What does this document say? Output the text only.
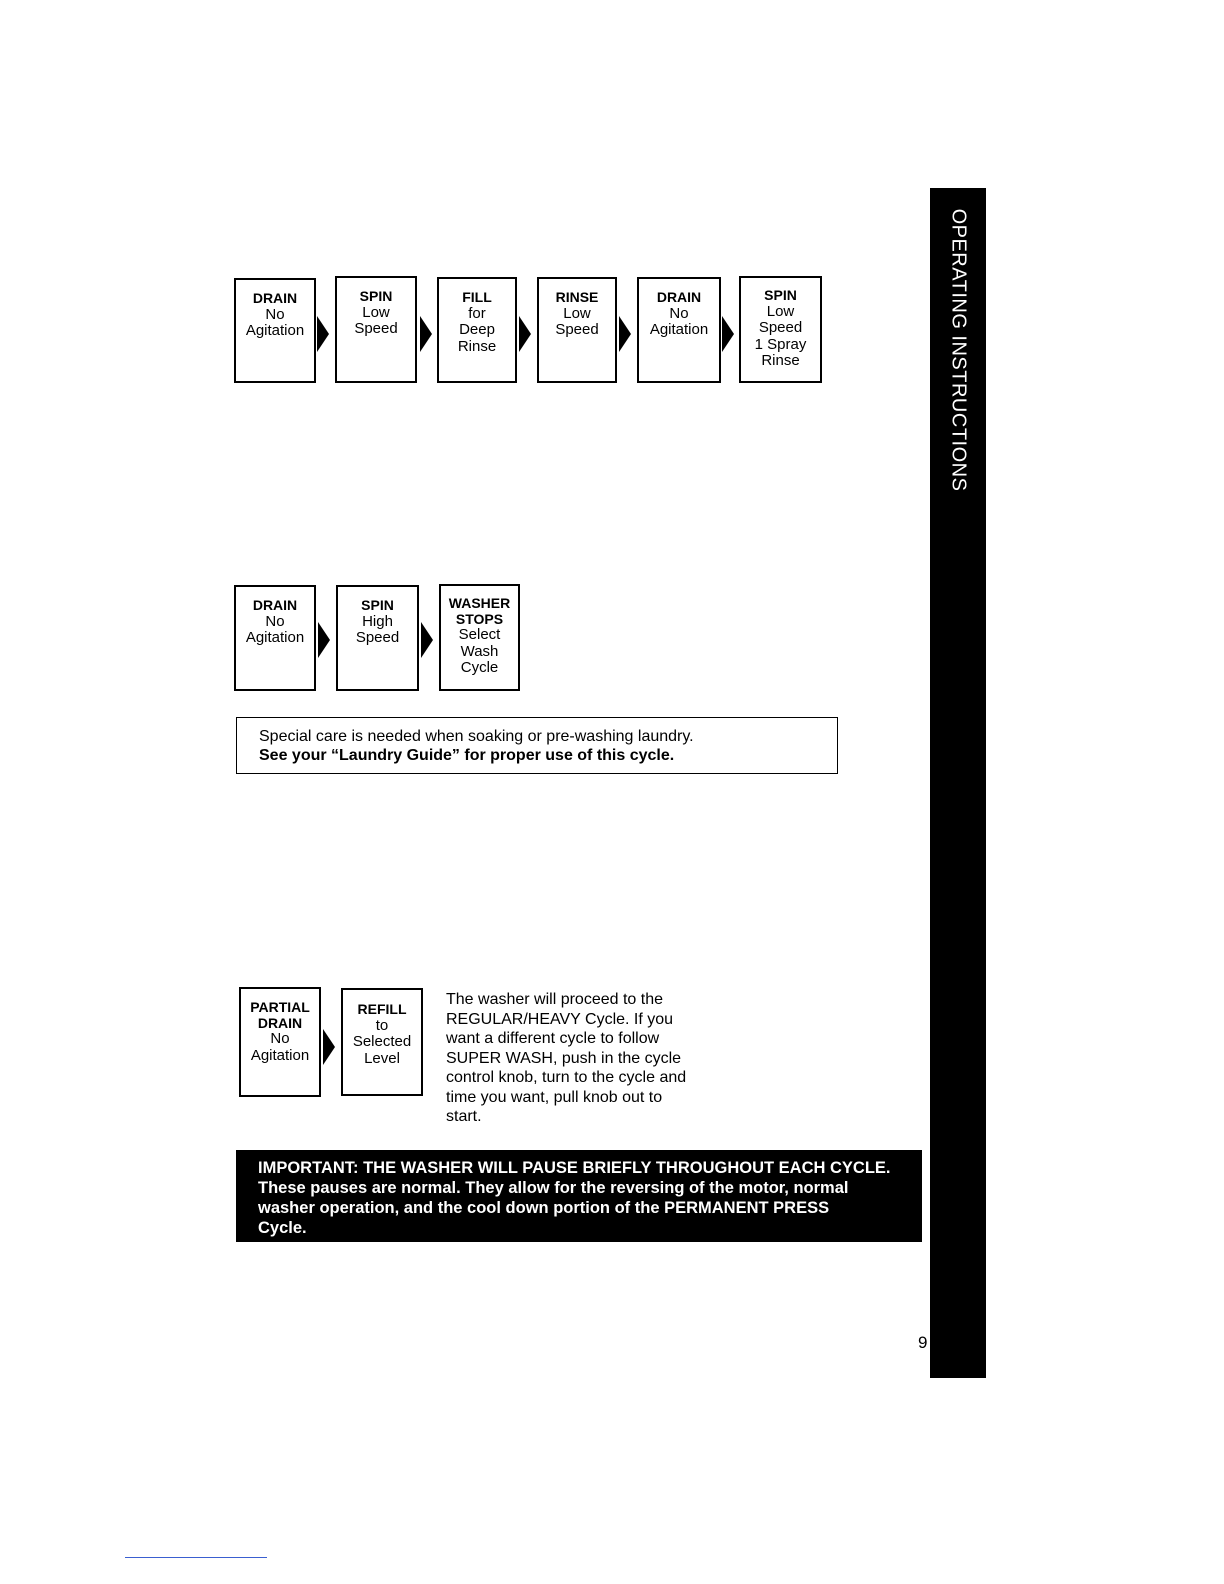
OPERATING INSTRUCTIONS
DRAIN
No
Agitation
SPIN
Low
Speed
FILL
for
Deep
Rinse
RINSE
Low
Speed
DRAIN
No
Agitation
SPIN
Low
Speed
1 Spray
Rinse
DRAIN
No
Agitation
SPIN
High
Speed
WASHER STOPS
Select
Wash
Cycle
Special care is needed when soaking or pre-washing laundry.
See your “Laundry Guide” for proper use of this cycle.
PARTIAL DRAIN
No
Agitation
REFILL
to
Selected
Level
The washer will proceed to the
REGULAR/HEAVY Cycle. If you
want a different cycle to follow
SUPER WASH, push in the cycle
control knob, turn to the cycle and
time you want, pull knob out to
start.
IMPORTANT: THE WASHER WILL PAUSE BRIEFLY THROUGHOUT EACH CYCLE.
These pauses are normal. They allow for the reversing of the motor, normal
washer operation, and the cool down portion of the PERMANENT PRESS
Cycle.
9
